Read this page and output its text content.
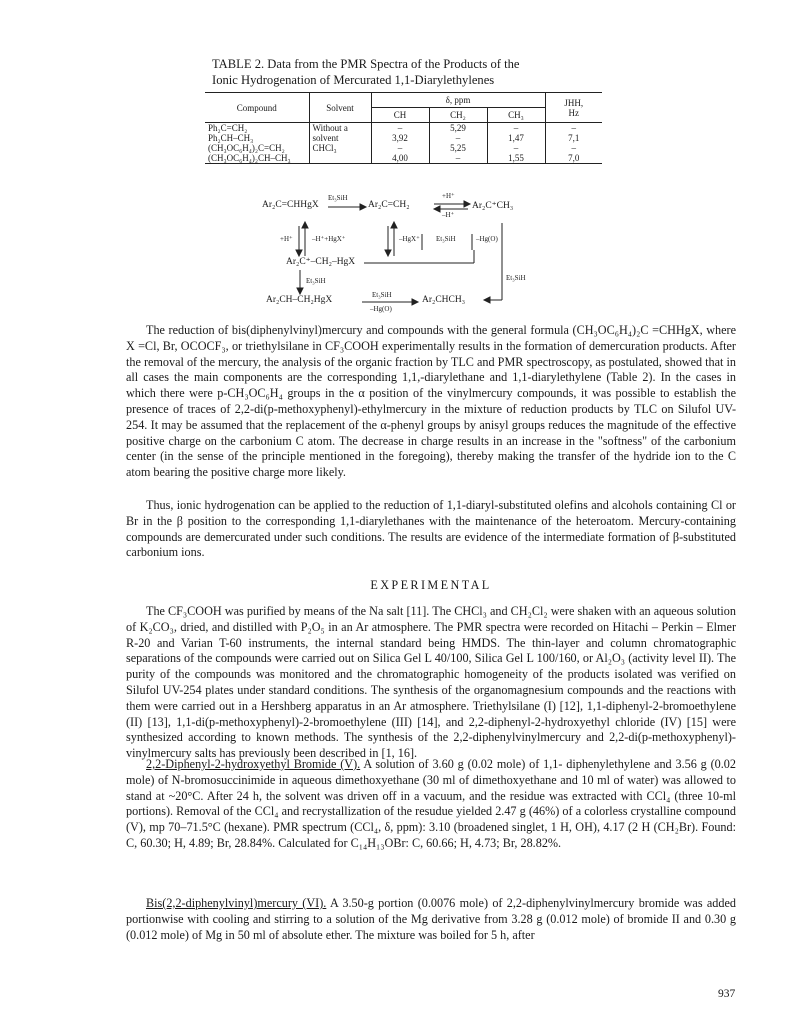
TABLE 2. Data from the PMR Spectra of the Products of the
Ionic Hydrogenation of Mercurated 1,1-Diarylethylenes
Compound	Solvent	δ, ppm			JHH,
Hz
		CH	CH₂	CH₃	
Ph₂C=CH₂	Without a	–	5,29	–	–
Ph₂CH–CH₃	solvent	3,92	–	1,47	7,1
(CH₃OC₆H₄)₂C=CH₂	CHCl₃	–	5,25	–	–
(CH₃OC₆H₄)₂CH–CH₃		4,00	–	1,55	7,0
Ar₂C=CHHgX
Et₃SiH
Ar₂C=CH₂
+H⁺
–H⁺
Ar₂C⁺CH₃
+H⁺	–H⁺+HgX⁺	–HgX⁺ Et₃SiH	–Hg(O)
Ar₂C⁺–CH₂–HgX
Et₃SiH	Et₃SiH
Ar₂CH–CH₂HgX	Et₃SiH
–Hg(O)
Ar₂CHCH₃

The reduction of bis(diphenylvinyl)mercury and compounds with the general formula (CH₃OC₆H₄)₂C =CHHgX, where X =Cl, Br, OCOCF₃, or triethylsilane in CF₃COOH experimentally results in the formation of demercuration products. After the removal of the mercury, the analysis of the organic fraction by TLC and PMR spectroscopy, as postulated, showed that in all cases the main components are the corresponding 1,1,-diarylethane and 1,1-diarylethylene (Table 2). In the cases in which there were p-CH₃OC₆H₄ groups in the α position of the vinylmercury compounds, it was possible to establish the presence of traces of 2,2-di(p-methoxyphenyl)-ethylmercury in the mixture of reduction products by TLC on Silufol UV-254. It may be assumed that the replacement of the α-phenyl groups by anisyl groups reduces the magnitude of the effective positive charge on the carbonium C atom. The decrease in charge results in an increase in the "softness" of the carbonium center (in the sense of the principle mentioned in the foregoing), thereby making the transfer of the hydride ion to the C atom bearing the positive charge more likely.

Thus, ionic hydrogenation can be applied to the reduction of 1,1-diaryl-substituted olefins and alcohols containing Cl or Br in the β position to the corresponding 1,1-diarylethanes with the maintenance of the heteroatom. Mercury-containing compounds are demercurated under such conditions. The results are evidence of the intermediate formation of β-substituted carbonium ions.

EXPERIMENTAL

The CF₃COOH was purified by means of the Na salt [11]. The CHCl₃ and CH₂Cl₂ were shaken with an aqueous solution of K₂CO₃, dried, and distilled with P₂O₅ in an Ar atmosphere. The PMR spectra were recorded on Hitachi – Perkin – Elmer R-20 and Varian T-60 instruments, the internal standard being HMDS. The thin-layer and column chromatographic separations of the compounds were carried out on Silica Gel L 40/100, Silica Gel L 100/160, or Al₂O₃ (activity level II). The purity of the compounds was monitored and the chromatographic homogeneity of the products isolated was verified on Silufol UV-254 plates under standard conditions. The synthesis of the organomagnesium compounds and the reactions with them were carried out in a Hershberg apparatus in an Ar atmosphere. Triethylsilane (I) [12], 1,1-diphenyl-2-bromoethylene (II) [13], 1,1-di(p-methoxyphenyl)-2-bromoethylene (III) [14], and 2,2-diphenyl-2-hydroxyethyl chloride (IV) [15] were synthesized according to known methods. The synthesis of the 2,2-diphenylvinylmercury and 2,2-di(p-methoxyphenyl)-vinylmercury salts has previously been described in [1, 16].

2,2-Diphenyl-2-hydroxyethyl Bromide (V). A solution of 3.60 g (0.02 mole) of 1,1- diphenylethylene and 3.56 g (0.02 mole) of N-bromosuccinimide in aqueous dimethoxyethane (30 ml of dimethoxyethane and 10 ml of water) was allowed to stand at ~20°C. After 24 h, the solvent was driven off in a vacuum, and the residue was extracted with CCl₄ (three 10-ml portions). Removal of the CCl₄ and recrystallization of the resudue yielded 2.47 g (46%) of a colorless crystalline compound (V), mp 70–71.5°C (hexane). PMR spectrum (CCl₄, δ, ppm): 3.10 (broadened singlet, 1 H, OH), 4.17 (2 H (CH₂Br). Found: C, 60.30; H, 4.89; Br, 28.84%. Calculated for C₁₄H₁₃OBr: C, 60.66; H, 4.73; Br, 28.82%.

Bis(2,2-diphenylvinyl)mercury (VI). A 3.50-g portion (0.0076 mole) of 2,2-diphenylvinylmercury bromide was added portionwise with cooling and stirring to a solution of the Mg derivative from 3.28 g (0.012 mole) of bromide II and 0.30 g (0.012 mole) of Mg in 50 ml of absolute ether. The mixture was boiled for 5 h, after

937
